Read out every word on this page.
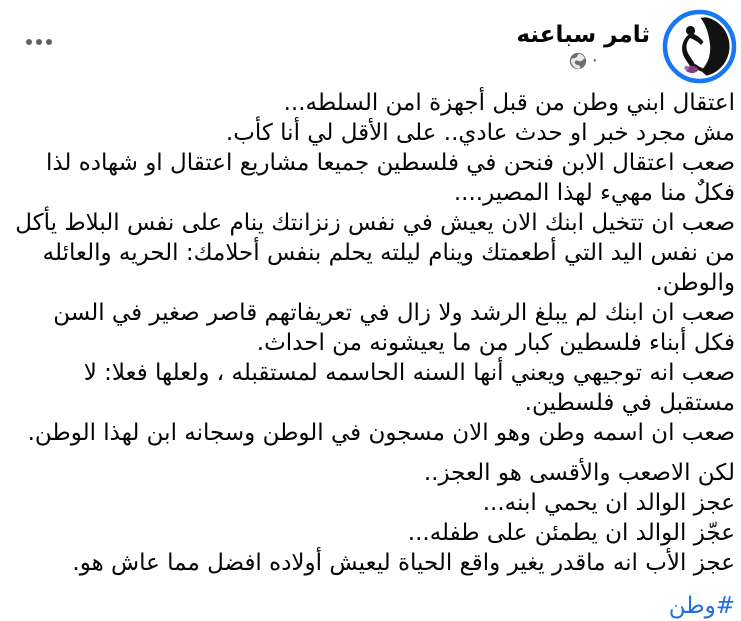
ثامر سباعنه
·

اعتقال ابني وطن من قبل أجهزة امن السلطه...

مش مجرد خبر او حدث عادي.. على الأقل لي أنا كأب.

صعب اعتقال الابن فنحن في فلسطين جميعا مشاريع اعتقال او شهاده لذا فكلٌ منا مهيء لهذا المصير....

صعب ان تتخيل ابنك الان يعيش في نفس زنزانتك ينام على نفس البلاط يأكل من نفس اليد التي أطعمتك وينام ليلته يحلم بنفس أحلامك: الحريه والعائله والوطن.

صعب ان ابنك لم يبلغ الرشد ولا زال في تعريفاتهم قاصر صغير في السن فكل أبناء فلسطين كبار من ما يعيشونه من احداث.

صعب انه توجيهي ويعني أنها السنه الحاسمه لمستقبله ، ولعلها فعلا: لا مستقبل في فلسطين.

صعب ان اسمه وطن وهو الان مسجون في الوطن وسجانه ابن لهذا الوطن.

لكن الاصعب والأقسى هو العجز..

عجز الوالد ان يحمي ابنه...

عجّز الوالد ان يطمئن على طفله...

عجز الأب انه ماقدر يغير واقع الحياة ليعيش أولاده افضل مما عاش هو.

#وطن
